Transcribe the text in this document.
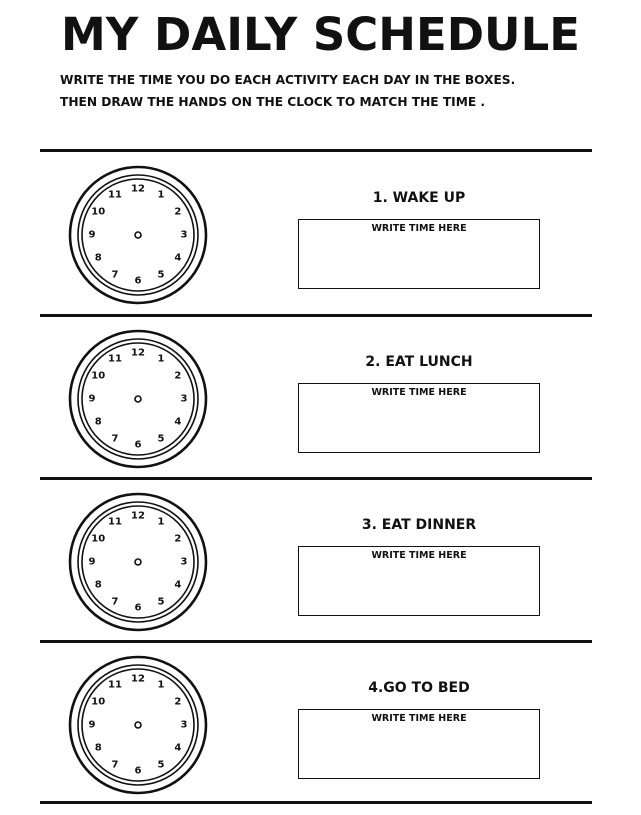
MY DAILY SCHEDULE
WRITE THE TIME YOU DO EACH ACTIVITY EACH DAY IN THE BOXES.
THEN DRAW THE HANDS ON THE CLOCK TO MATCH THE TIME .
12
1
2
3
4
5
6
7
8
9
10
11	1. WAKE UP
WRITE TIME HERE
12
1
2
3
4
5
6
7
8
9
10
11	2. EAT LUNCH
WRITE TIME HERE
12
1
2
3
4
5
6
7
8
9
10
11	3. EAT DINNER
WRITE TIME HERE
12
1
2
3
4
5
6
7
8
9
10
11	4.GO TO BED
WRITE TIME HERE
